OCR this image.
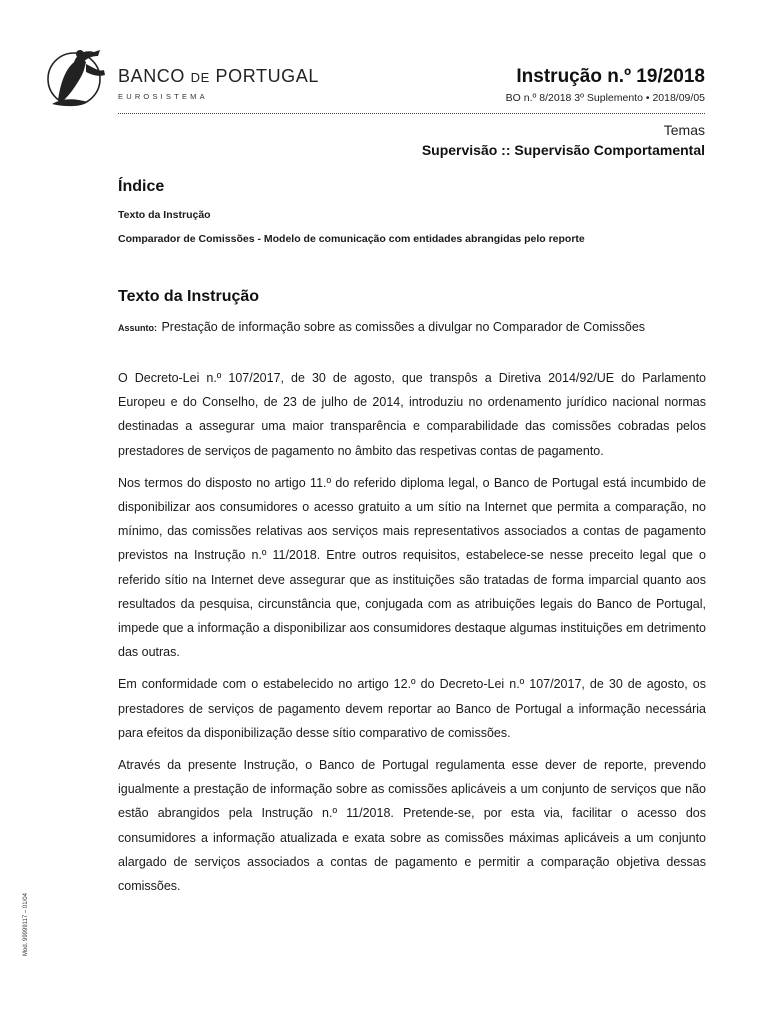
BANCO DE PORTUGAL
EUROSISTEMA
Instrução n.º 19/2018
BO n.º 8/2018 3º Suplemento • 2018/09/05
Temas
Supervisão :: Supervisão Comportamental
Índice
Texto da Instrução
Comparador de Comissões - Modelo de comunicação com entidades abrangidas pelo reporte
Texto da Instrução
Assunto: Prestação de informação sobre as comissões a divulgar no Comparador de Comissões

O Decreto-Lei n.º 107/2017, de 30 de agosto, que transpôs a Diretiva 2014/92/UE do Parlamento Europeu e do Conselho, de 23 de julho de 2014, introduziu no ordenamento jurídico nacional normas destinadas a assegurar uma maior transparência e comparabilidade das comissões cobradas pelos prestadores de serviços de pagamento no âmbito das respetivas contas de pagamento.

Nos termos do disposto no artigo 11.º do referido diploma legal, o Banco de Portugal está incumbido de disponibilizar aos consumidores o acesso gratuito a um sítio na Internet que permita a comparação, no mínimo, das comissões relativas aos serviços mais representativos associados a contas de pagamento previstos na Instrução n.º 11/2018. Entre outros requisitos, estabelece-se nesse preceito legal que o referido sítio na Internet deve assegurar que as instituições são tratadas de forma imparcial quanto aos resultados da pesquisa, circunstância que, conjugada com as atribuições legais do Banco de Portugal, impede que a informação a disponibilizar aos consumidores destaque algumas instituições em detrimento das outras.

Em conformidade com o estabelecido no artigo 12.º do Decreto-Lei n.º 107/2017, de 30 de agosto, os prestadores de serviços de pagamento devem reportar ao Banco de Portugal a informação necessária para efeitos da disponibilização desse sítio comparativo de comissões.

Através da presente Instrução, o Banco de Portugal regulamenta esse dever de reporte, prevendo igualmente a prestação de informação sobre as comissões aplicáveis a um conjunto de serviços que não estão abrangidos pela Instrução n.º 11/2018. Pretende-se, por esta via, facilitar o acesso dos consumidores a informação atualizada e exata sobre as comissões máximas aplicáveis a um conjunto alargado de serviços associados a contas de pagamento e permitir a comparação objetiva dessas comissões.

Mod. 99999117 – 01/04
